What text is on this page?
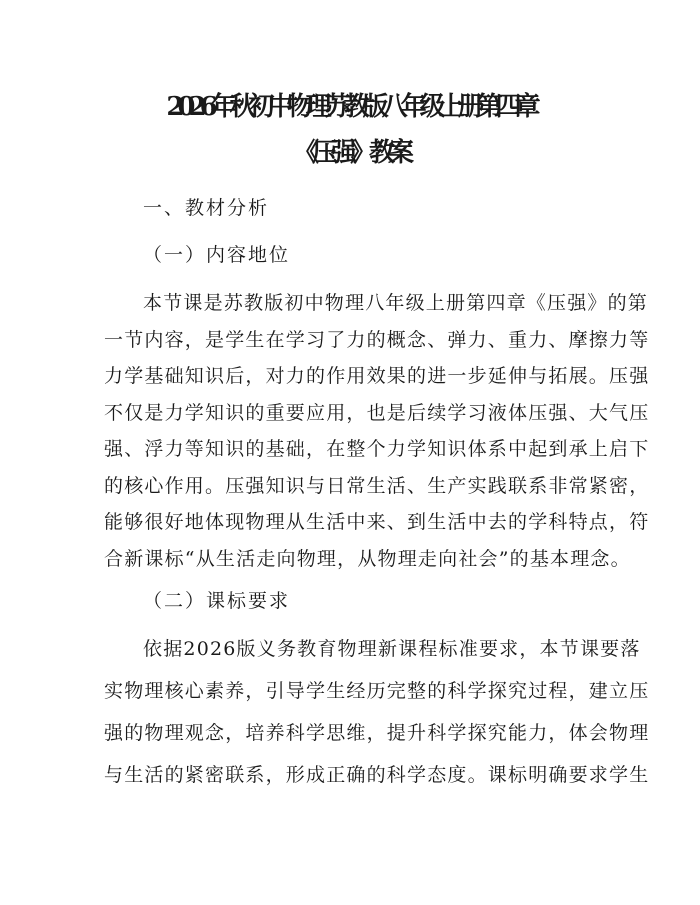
2026年秋初中物理苏教版八年级上册第四章
《压强》教案
一、教材分析
（一）内容地位
本节课是苏教版初中物理八年级上册第四章《压强》的第
一节内容，是学生在学习了力的概念、弹力、重力、摩擦力等
力学基础知识后，对力的作用效果的进一步延伸与拓展。压强
不仅是力学知识的重要应用，也是后续学习液体压强、大气压
强、浮力等知识的基础，在整个力学知识体系中起到承上启下
的核心作用。压强知识与日常生活、生产实践联系非常紧密，
能够很好地体现物理从生活中来、到生活中去的学科特点，符
合新课标“从生活走向物理，从物理走向社会”的基本理念。
（二）课标要求
依据2026版义务教育物理新课程标准要求，本节课要落
实物理核心素养，引导学生经历完整的科学探究过程，建立压
强的物理观念，培养科学思维，提升科学探究能力，体会物理
与生活的紧密联系，形成正确的科学态度。课标明确要求学生
